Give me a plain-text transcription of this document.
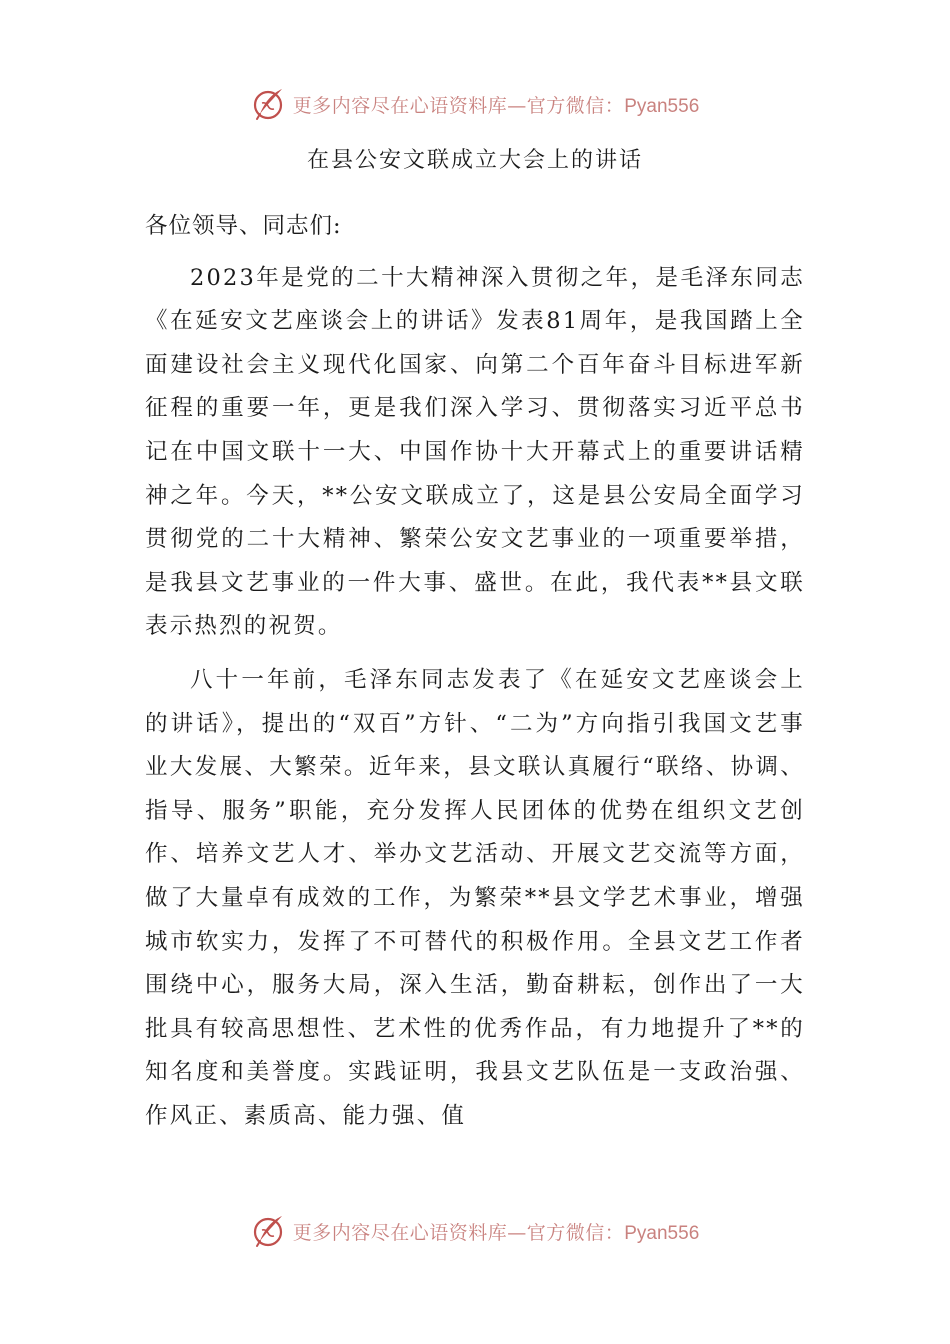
更多内容尽在心语资料库—官方微信：Pyan556
在县公安文联成立大会上的讲话

各位领导、同志们:

2023年是党的二十大精神深入贯彻之年，是毛泽东同志《在延安文艺座谈会上的讲话》发表81周年，是我国踏上全面建设社会主义现代化国家、向第二个百年奋斗目标进军新征程的重要一年，更是我们深入学习、贯彻落实习近平总书记在中国文联十一大、中国作协十大开幕式上的重要讲话精神之年。今天，**公安文联成立了，这是县公安局全面学习贯彻党的二十大精神、繁荣公安文艺事业的一项重要举措，是我县文艺事业的一件大事、盛世。在此，我代表**县文联表示热烈的祝贺。

八十一年前，毛泽东同志发表了《在延安文艺座谈会上的讲话》，提出的“双百”方针、“二为”方向指引我国文艺事业大发展、大繁荣。近年来，县文联认真履行“联络、协调、指导、服务”职能，充分发挥人民团体的优势在组织文艺创作、培养文艺人才、举办文艺活动、开展文艺交流等方面，做了大量卓有成效的工作，为繁荣**县文学艺术事业，增强城市软实力，发挥了不可替代的积极作用。全县文艺工作者围绕中心，服务大局，深入生活，勤奋耕耘，创作出了一大批具有较高思想性、艺术性的优秀作品，有力地提升了**的知名度和美誉度。实践证明，我县文艺队伍是一支政治强、作风正、素质高、能力强、值

更多内容尽在心语资料库—官方微信：Pyan556
